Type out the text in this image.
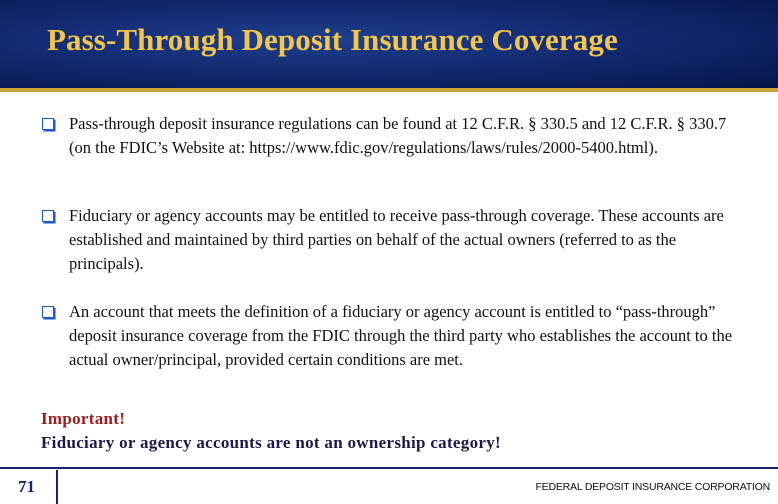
Pass-Through Deposit Insurance Coverage
Pass-through deposit insurance regulations can be found at 12 C.F.R. § 330.5 and 12 C.F.R. § 330.7 (on the FDIC’s Website at: https://www.fdic.gov/regulations/laws/rules/2000-5400.html).
Fiduciary or agency accounts may be entitled to receive pass-through coverage. These accounts are established and maintained by third parties on behalf of the actual owners (referred to as the principals).
An account that meets the definition of a fiduciary or agency account is entitled to “pass-through” deposit insurance coverage from the FDIC through the third party who establishes the account to the actual owner/principal, provided certain conditions are met.
Important!
Fiduciary or agency accounts are not an ownership category!
71	FEDERAL DEPOSIT INSURANCE CORPORATION
